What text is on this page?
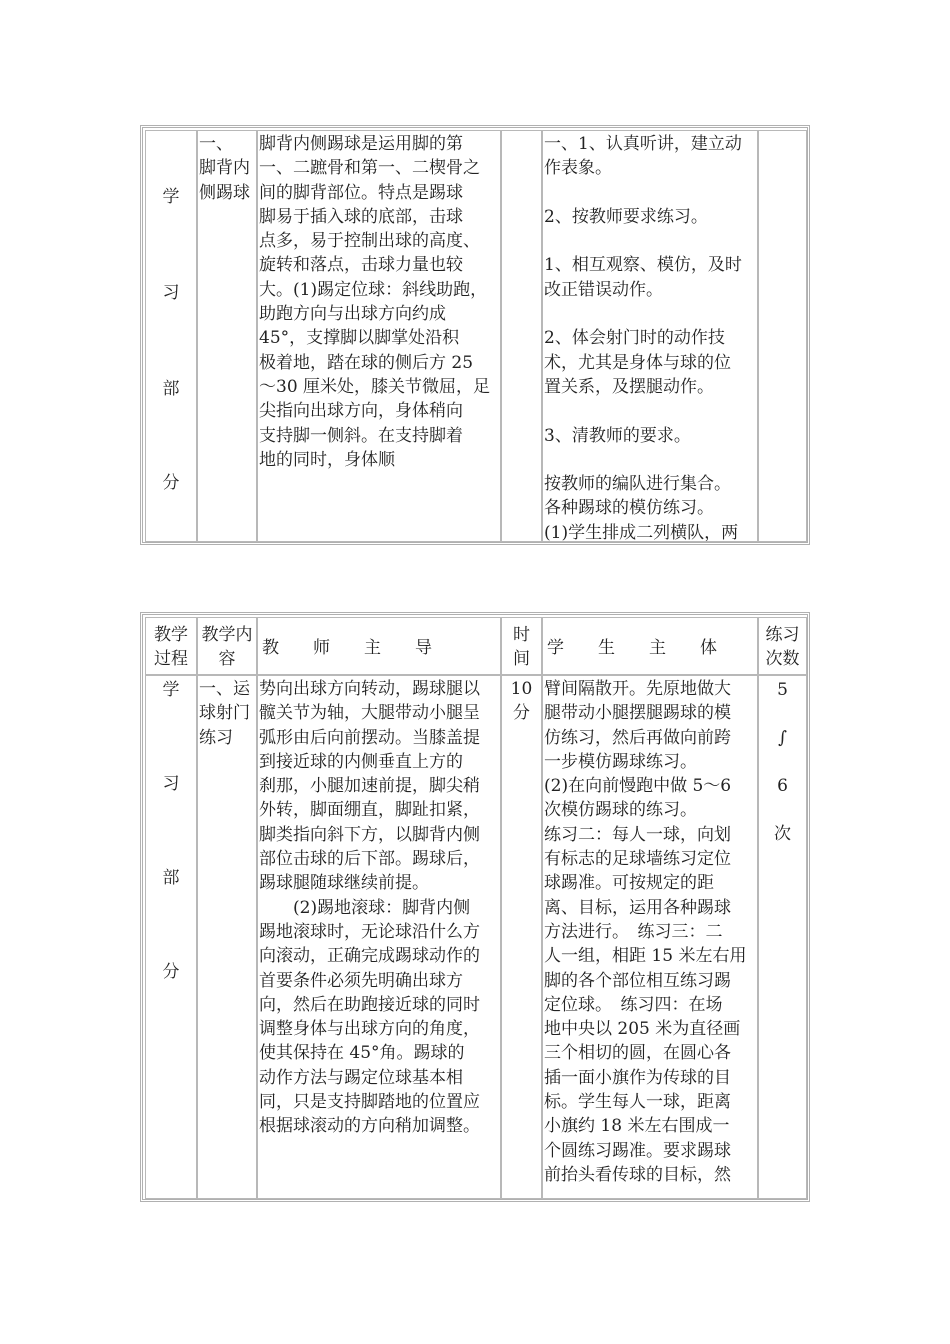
学
习
部
分
一、
脚背内
侧踢球
脚背内侧踢球是运用脚的第
一、二蹠骨和第一、二楔骨之
间的脚背部位。特点是踢球
脚易于插入球的底部，击球
点多，易于控制出球的高度、
旋转和落点，击球力量也较
大。(1)踢定位球：斜线助跑，
助跑方向与出球方向约成
45°，支撑脚以脚掌处沿积
极着地，踏在球的侧后方 25
～30 厘米处，膝关节微屈，足
尖指向出球方向，身体稍向
支持脚一侧斜。在支持脚着
地的同时，身体顺
一、1、认真听讲，建立动
作表象。

2、按教师要求练习。

1、相互观察、模仿，及时
改正错误动作。

2、体会射门时的动作技
术，尤其是身体与球的位
置关系，及摆腿动作。

3、清教师的要求。

按教师的编队进行集合。
各种踢球的模仿练习。
(1)学生排成二列横队，两
教学
过程
教学内
容
教　　师　　主　　导
时
间
学　　生　　主　　体
练习
次数
学
习
部
分
一、运
球射门
练习
势向出球方向转动，踢球腿以
髋关节为轴，大腿带动小腿呈
弧形由后向前摆动。当膝盖提
到接近球的内侧垂直上方的
刹那，小腿加速前提，脚尖稍
外转，脚面绷直，脚趾扣紧，
脚类指向斜下方，以脚背内侧
部位击球的后下部。踢球后，
踢球腿随球继续前提。
　　(2)踢地滚球：脚背内侧
踢地滚球时，无论球沿什么方
向滚动，正确完成踢球动作的
首要条件必须先明确出球方
向，然后在助跑接近球的同时
调整身体与出球方向的角度，
使其保持在 45°角。踢球的
动作方法与踢定位球基本相
同，只是支持脚踏地的位置应
根据球滚动的方向稍加调整。
10
分
臂间隔散开。先原地做大
腿带动小腿摆腿踢球的模
仿练习，然后再做向前跨
一步模仿踢球练习。
(2)在向前慢跑中做 5～6
次模仿踢球的练习。
练习二：每人一球，向划
有标志的足球墙练习定位
球踢准。可按规定的距
离、目标，运用各种踢球
方法进行。　练习三：二
人一组，相距 15 米左右用
脚的各个部位相互练习踢
定位球。　练习四：在场
地中央以 205 米为直径画
三个相切的圆，在圆心各
插一面小旗作为传球的目
标。学生每人一球，距离
小旗约 18 米左右围成一
个圆练习踢准。要求踢球
前抬头看传球的目标，然
5
∫
6
次
